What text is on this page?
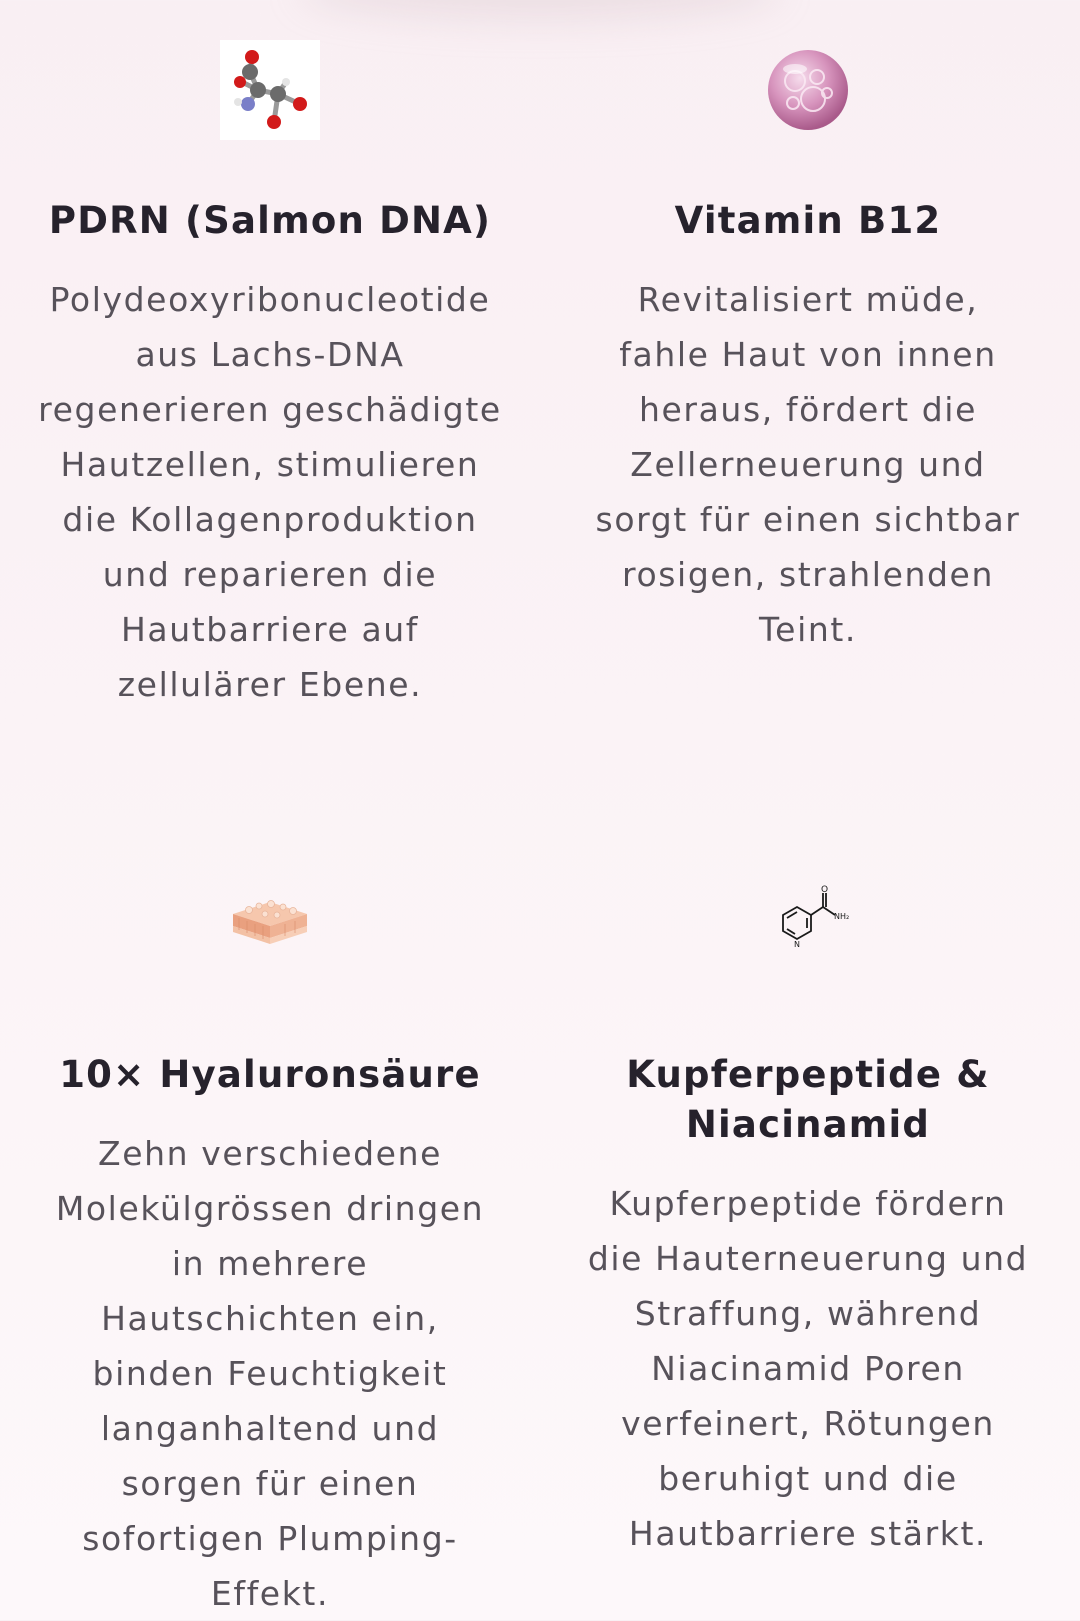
PDRN (Salmon DNA)

Polydeoxyribonucleotide aus Lachs-DNA regenerieren geschädigte Hautzellen, stimulieren die Kollagenproduktion und reparieren die Hautbarriere auf zellulärer Ebene.

Vitamin B12

Revitalisiert müde, fahle Haut von innen heraus, fördert die Zellerneuerung und sorgt für einen sichtbar rosigen, strahlenden Teint.

10× Hyaluronsäure

Zehn verschiedene Molekülgrössen dringen in mehrere Hautschichten ein, binden Feuchtigkeit langanhaltend und sorgen für einen sofortigen Plumping-Effekt.

O
NH₂
N
Kupferpeptide & Niacinamid

Kupferpeptide fördern die Hauterneuerung und Straffung, während Niacinamid Poren verfeinert, Rötungen beruhigt und die Hautbarriere stärkt.
